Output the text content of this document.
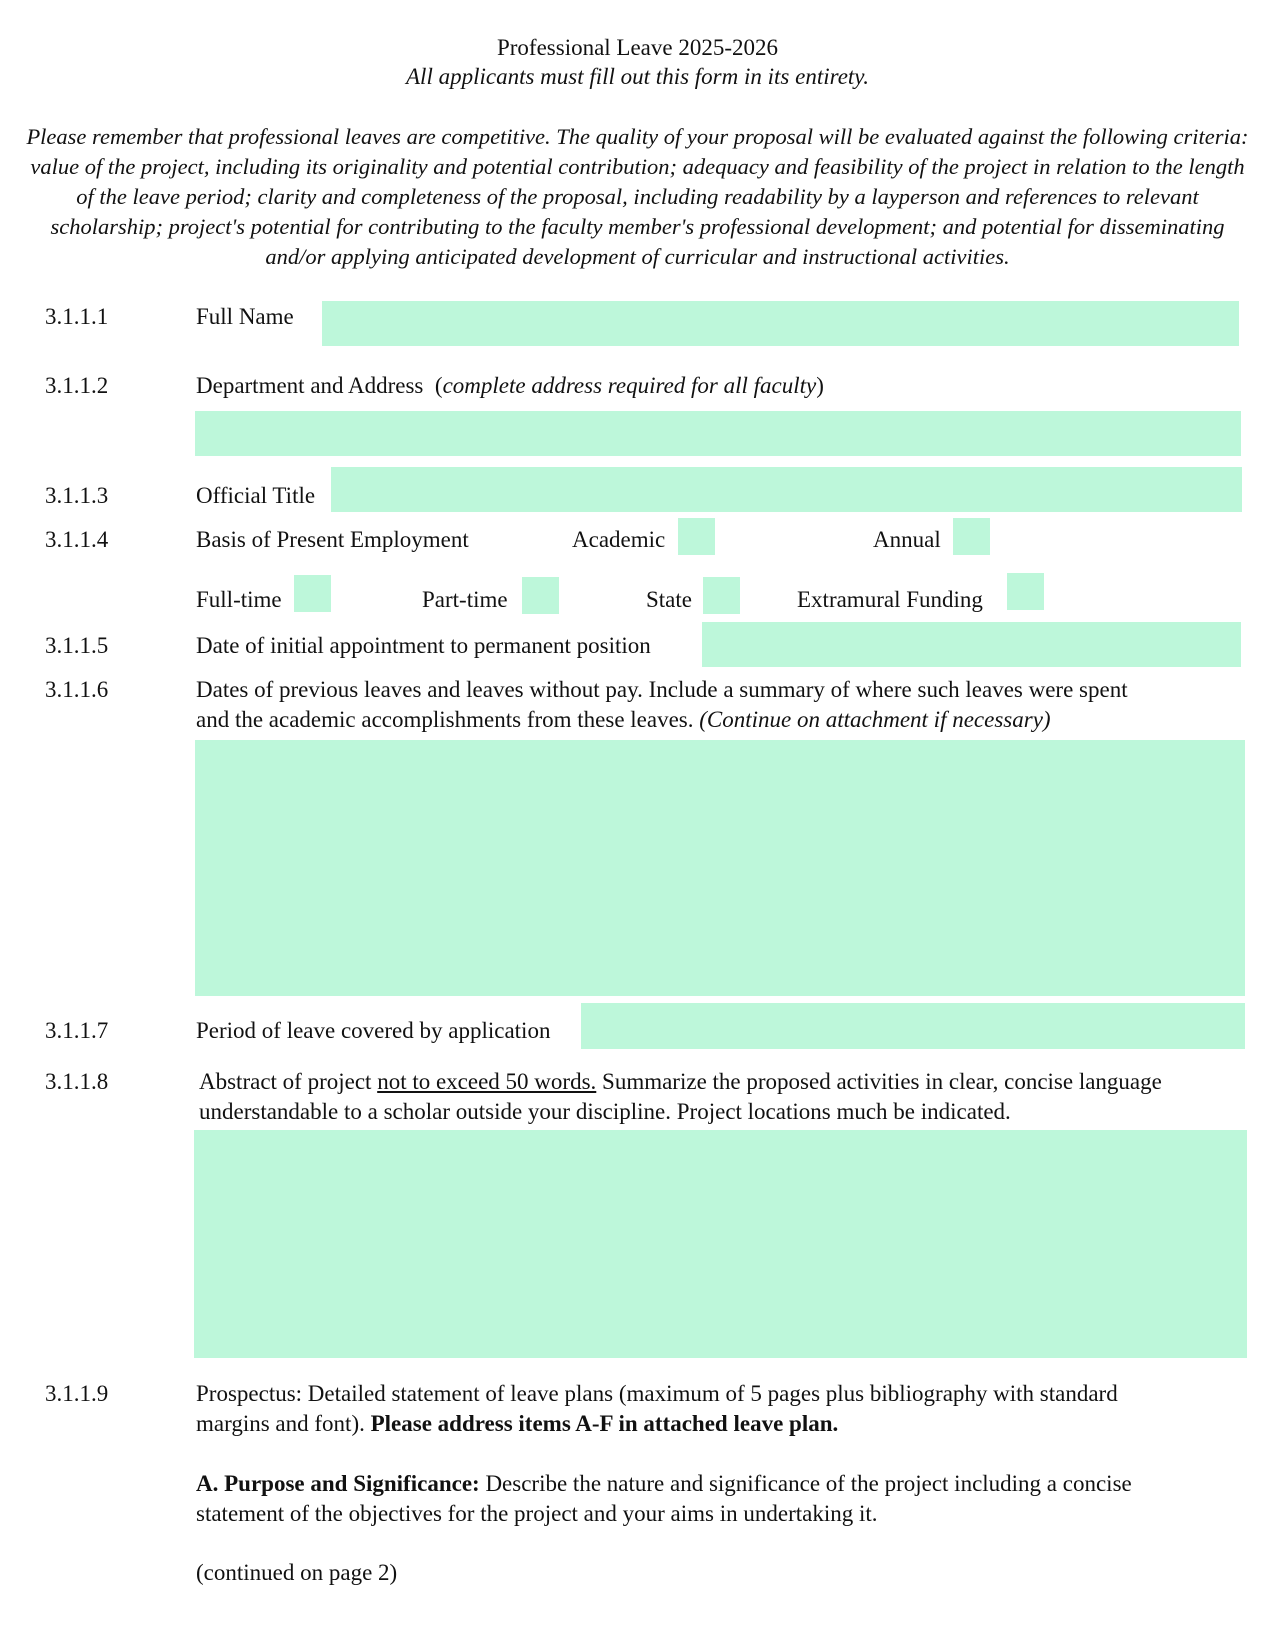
Professional Leave 2025-2026
All applicants must fill out this form in its entirety.
Please remember that professional leaves are competitive. The quality of your proposal will be evaluated against the following criteria: value of the project, including its originality and potential contribution; adequacy and feasibility of the project in relation to the length of the leave period; clarity and completeness of the proposal, including readability by a layperson and references to relevant scholarship; project's potential for contributing to the faculty member's professional development; and potential for disseminating and/or applying anticipated development of curricular and instructional activities.
3.1.1.1	Full Name
3.1.1.2	Department and Address (complete address required for all faculty)
3.1.1.3	Official Title
3.1.1.4	Basis of Present Employment	Academic	Annual
Full-time	Part-time	State	Extramural Funding
3.1.1.5	Date of initial appointment to permanent position
3.1.1.6	Dates of previous leaves and leaves without pay. Include a summary of where such leaves were spent
and the academic accomplishments from these leaves. (Continue on attachment if necessary)
3.1.1.7	Period of leave covered by application
3.1.1.8	Abstract of project not to exceed 50 words. Summarize the proposed activities in clear, concise language
understandable to a scholar outside your discipline. Project locations much be indicated.
3.1.1.9	Prospectus: Detailed statement of leave plans (maximum of 5 pages plus bibliography with standard
margins and font). Please address items A-F in attached leave plan.
A. Purpose and Significance: Describe the nature and significance of the project including a concise
statement of the objectives for the project and your aims in undertaking it.
(continued on page 2)
